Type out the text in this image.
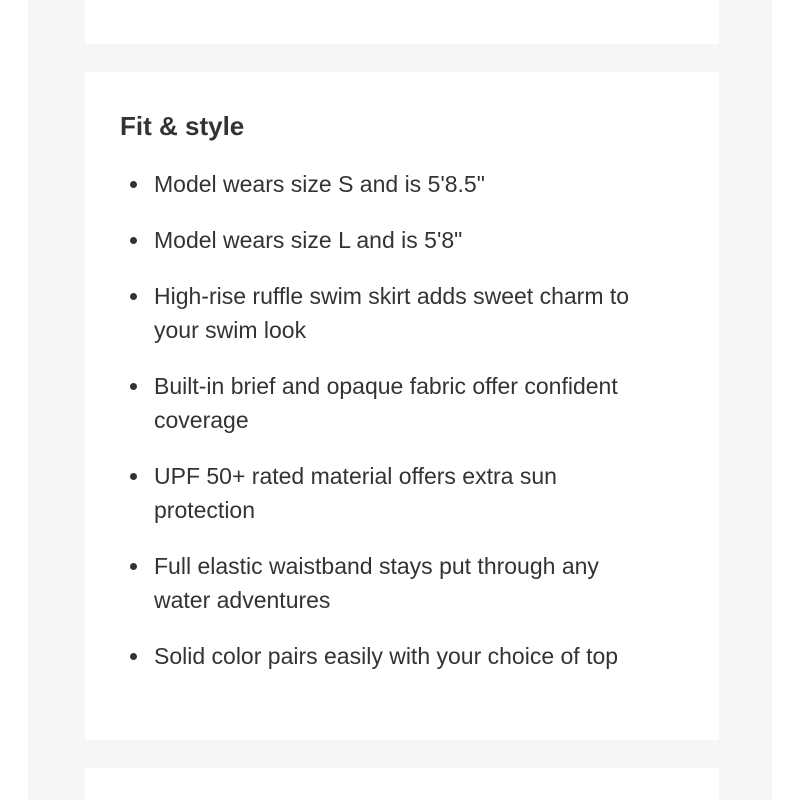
Fit & style
Model wears size S and is 5'8.5"
Model wears size L and is 5'8"
High-rise ruffle swim skirt adds sweet charm to your swim look
Built-in brief and opaque fabric offer confident coverage
UPF 50+ rated material offers extra sun protection
Full elastic waistband stays put through any water adventures
Solid color pairs easily with your choice of top
